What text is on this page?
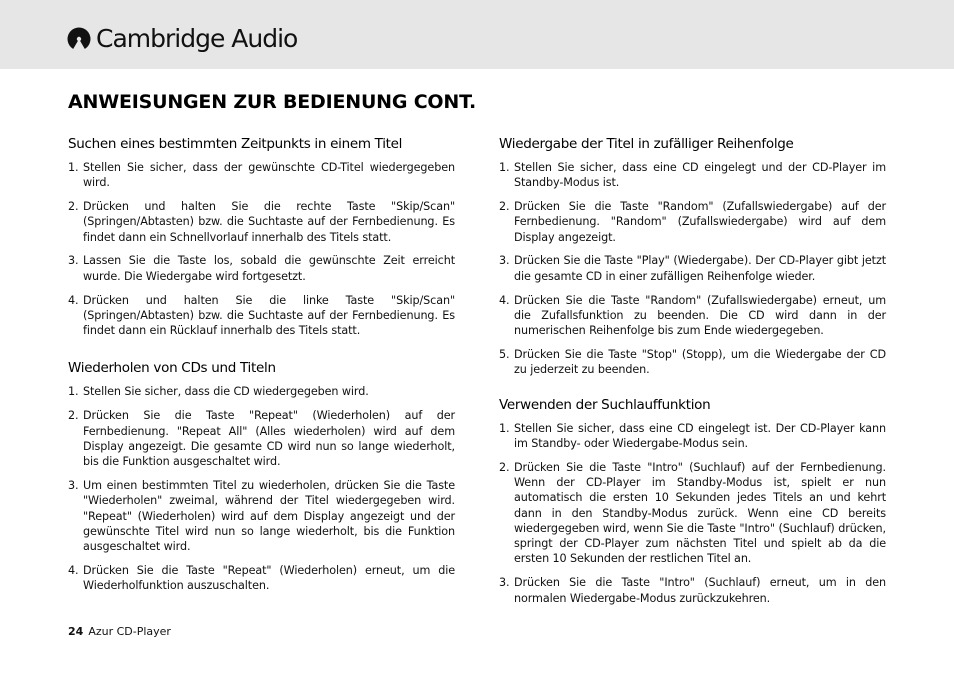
Cambridge Audio
ANWEISUNGEN ZUR BEDIENUNG CONT.
Suchen eines bestimmten Zeitpunkts in einem Titel
1. Stellen Sie sicher, dass der gewünschte CD-Titel wiedergegeben wird.
2. Drücken und halten Sie die rechte Taste "Skip/Scan" (Springen/Abtasten) bzw. die Suchtaste auf der Fernbedienung. Es findet dann ein Schnellvorlauf innerhalb des Titels statt.
3. Lassen Sie die Taste los, sobald die gewünschte Zeit erreicht wurde. Die Wiedergabe wird fortgesetzt.
4. Drücken und halten Sie die linke Taste "Skip/Scan" (Springen/Abtasten) bzw. die Suchtaste auf der Fernbedienung. Es findet dann ein Rücklauf innerhalb des Titels statt.
Wiederholen von CDs und Titeln
1. Stellen Sie sicher, dass die CD wiedergegeben wird.
2. Drücken Sie die Taste "Repeat" (Wiederholen) auf der Fernbedienung. "Repeat All" (Alles wiederholen) wird auf dem Display angezeigt. Die gesamte CD wird nun so lange wiederholt, bis die Funktion ausgeschaltet wird.
3. Um einen bestimmten Titel zu wiederholen, drücken Sie die Taste "Wiederholen" zweimal, während der Titel wiedergegeben wird. "Repeat" (Wiederholen) wird auf dem Display angezeigt und der gewünschte Titel wird nun so lange wiederholt, bis die Funktion ausgeschaltet wird.
4. Drücken Sie die Taste "Repeat" (Wiederholen) erneut, um die Wiederholfunktion auszuschalten.
Wiedergabe der Titel in zufälliger Reihenfolge
1. Stellen Sie sicher, dass eine CD eingelegt und der CD-Player im Standby-Modus ist.
2. Drücken Sie die Taste "Random" (Zufallswiedergabe) auf der Fernbedienung. "Random" (Zufallswiedergabe) wird auf dem Display angezeigt.
3. Drücken Sie die Taste "Play" (Wiedergabe). Der CD-Player gibt jetzt die gesamte CD in einer zufälligen Reihenfolge wieder.
4. Drücken Sie die Taste "Random" (Zufallswiedergabe) erneut, um die Zufallsfunktion zu beenden. Die CD wird dann in der numerischen Reihenfolge bis zum Ende wiedergegeben.
5. Drücken Sie die Taste "Stop" (Stopp), um die Wiedergabe der CD zu jederzeit zu beenden.
Verwenden der Suchlauffunktion
1. Stellen Sie sicher, dass eine CD eingelegt ist. Der CD-Player kann im Standby- oder Wiedergabe-Modus sein.
2. Drücken Sie die Taste "Intro" (Suchlauf) auf der Fernbedienung. Wenn der CD-Player im Standby-Modus ist, spielt er nun automatisch die ersten 10 Sekunden jedes Titels an und kehrt dann in den Standby-Modus zurück. Wenn eine CD bereits wiedergegeben wird, wenn Sie die Taste "Intro" (Suchlauf) drücken, springt der CD-Player zum nächsten Titel und spielt ab da die ersten 10 Sekunden der restlichen Titel an.
3. Drücken Sie die Taste "Intro" (Suchlauf) erneut, um in den normalen Wiedergabe-Modus zurückzukehren.
24 Azur CD-Player
